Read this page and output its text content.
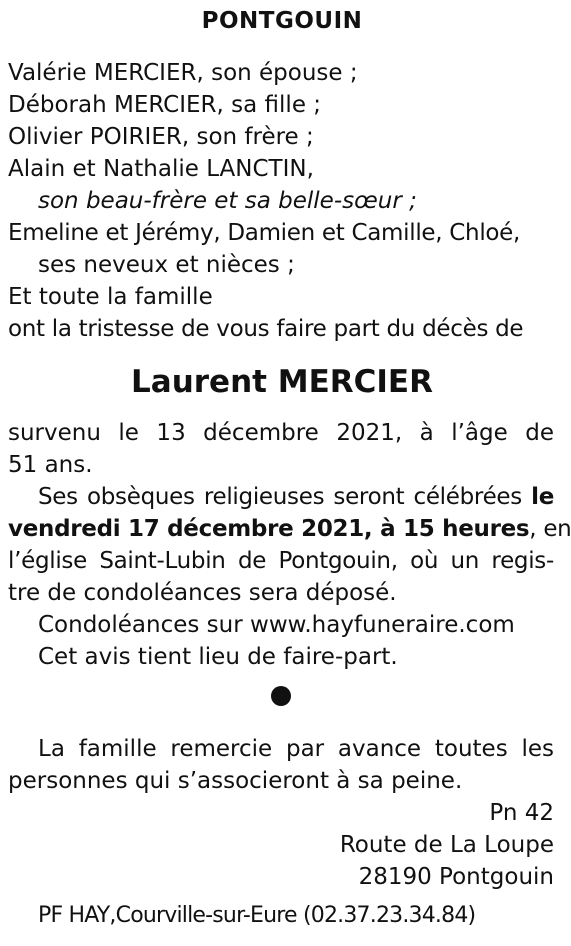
PONTGOUIN
Valérie MERCIER, son épouse ;
Déborah MERCIER, sa fille ;
Olivier POIRIER, son frère ;
Alain et Nathalie LANCTIN,
son beau-frère et sa belle-sœur ;
Emeline et Jérémy, Damien et Camille, Chloé,
ses neveux et nièces ;
Et toute la famille
ont la tristesse de vous faire part du décès de
Laurent MERCIER
survenu le 13 décembre 2021, à l’âge de
51 ans.
Ses obsèques religieuses seront célébrées le
vendredi 17 décembre 2021, à 15 heures, en
l’église Saint-Lubin de Pontgouin, où un regis-
tre de condoléances sera déposé.
Condoléances sur www.hayfuneraire.com
Cet avis tient lieu de faire-part.
La famille remercie par avance toutes les
personnes qui s’associeront à sa peine.
Pn 42
Route de La Loupe
28190 Pontgouin
PF HAY,Courville-sur-Eure (02.37.23.34.84)
